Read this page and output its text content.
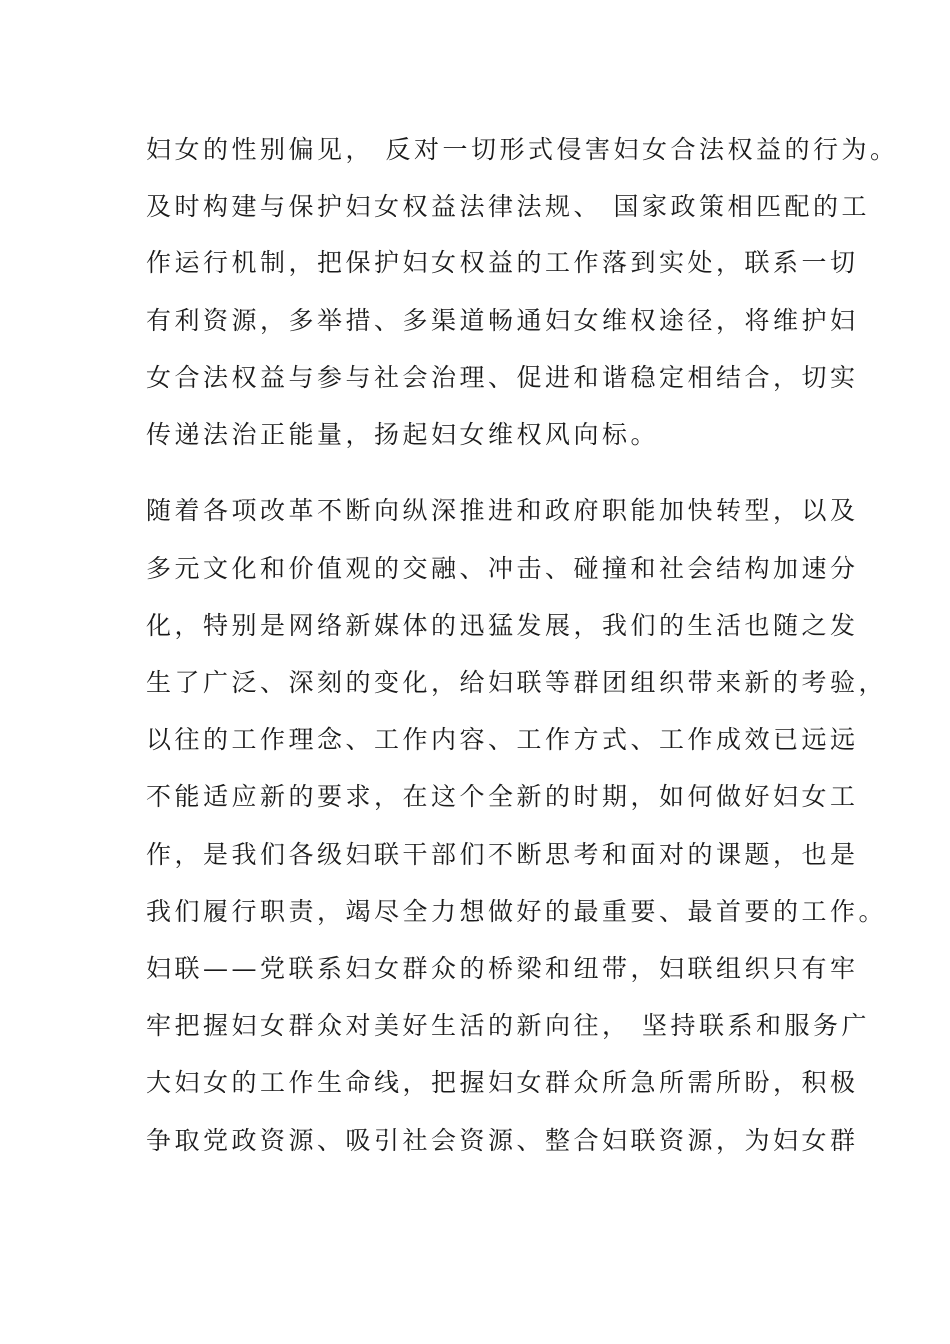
妇女的性别偏见， 反对一切形式侵害妇女合法权益的行为。
及时构建与保护妇女权益法律法规、 国家政策相匹配的工
作运行机制，把保护妇女权益的工作落到实处，联系一切
有利资源，多举措、多渠道畅通妇女维权途径，将维护妇
女合法权益与参与社会治理、促进和谐稳定相结合，切实
传递法治正能量，扬起妇女维权风向标。
随着各项改革不断向纵深推进和政府职能加快转型，以及
多元文化和价值观的交融、冲击、碰撞和社会结构加速分
化，特别是网络新媒体的迅猛发展，我们的生活也随之发
生了广泛、深刻的变化，给妇联等群团组织带来新的考验，
以往的工作理念、工作内容、工作方式、工作成效已远远
不能适应新的要求，在这个全新的时期，如何做好妇女工
作，是我们各级妇联干部们不断思考和面对的课题，也是
我们履行职责，竭尽全力想做好的最重要、最首要的工作。
妇联——党联系妇女群众的桥梁和纽带，妇联组织只有牢
牢把握妇女群众对美好生活的新向往， 坚持联系和服务广
大妇女的工作生命线，把握妇女群众所急所需所盼，积极
争取党政资源、吸引社会资源、整合妇联资源，为妇女群
